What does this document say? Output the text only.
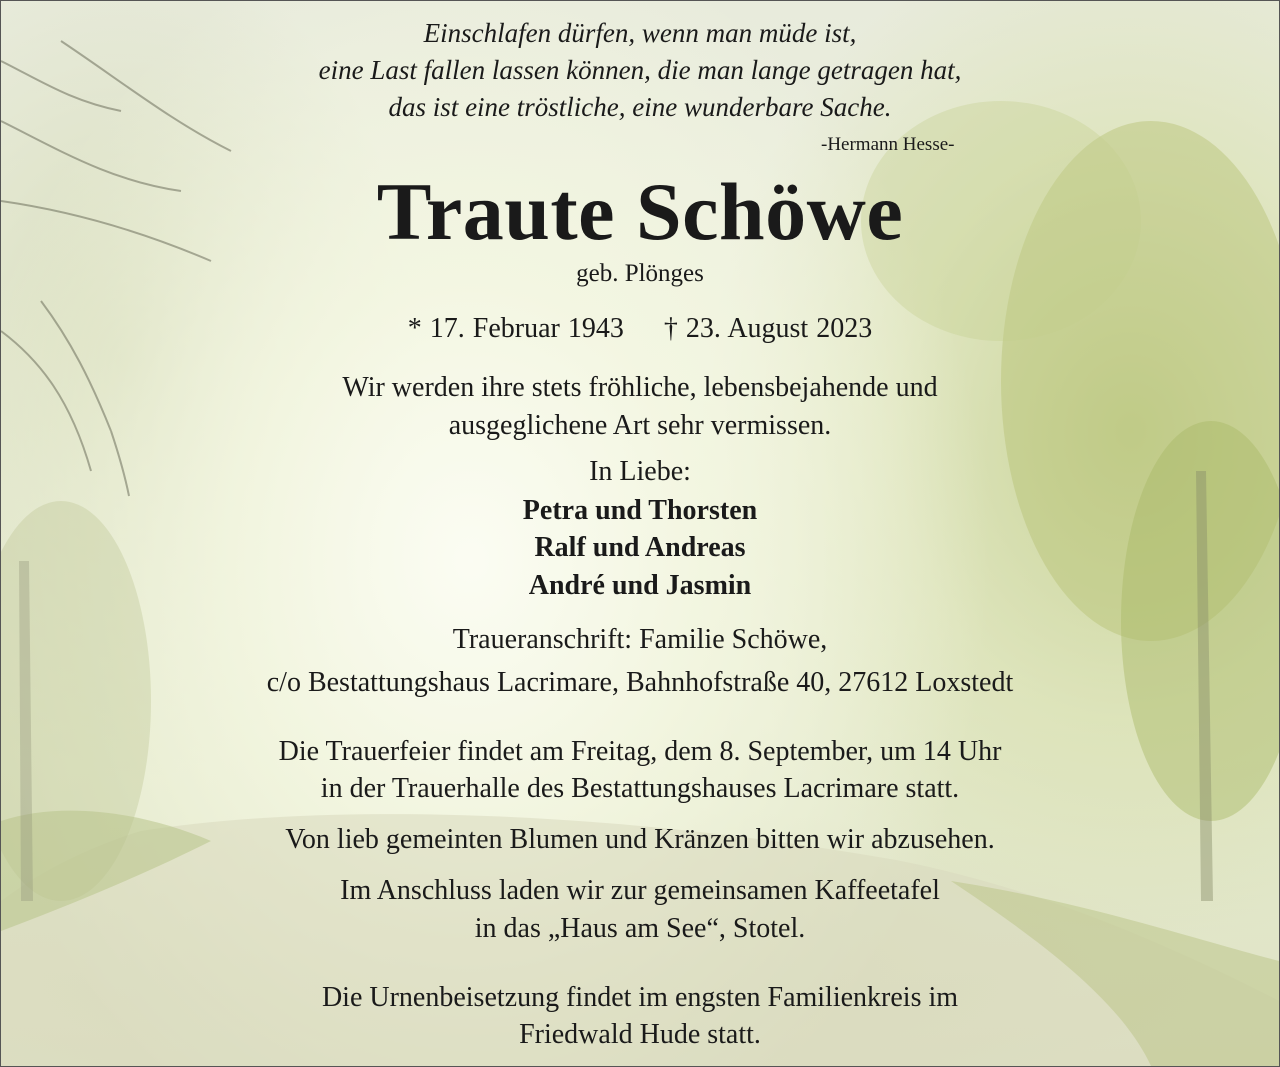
Einschlafen dürfen, wenn man müde ist,
eine Last fallen lassen können, die man lange getragen hat,
das ist eine tröstliche, eine wunderbare Sache.
-Hermann Hesse-
Traute Schöwe
geb. Plönges
* 17. Februar 1943 † 23. August 2023
Wir werden ihre stets fröhliche, lebensbejahende und
ausgeglichene Art sehr vermissen.
In Liebe:
Petra und Thorsten
Ralf und Andreas
André und Jasmin
Traueranschrift: Familie Schöwe,
c/o Bestattungshaus Lacrimare, Bahnhofstraße 40, 27612 Loxstedt
Die Trauerfeier findet am Freitag, dem 8. September, um 14 Uhr
in der Trauerhalle des Bestattungshauses Lacrimare statt.
Von lieb gemeinten Blumen und Kränzen bitten wir abzusehen.
Im Anschluss laden wir zur gemeinsamen Kaffeetafel
in das „Haus am See“, Stotel.
Die Urnenbeisetzung findet im engsten Familienkreis im
Friedwald Hude statt.
